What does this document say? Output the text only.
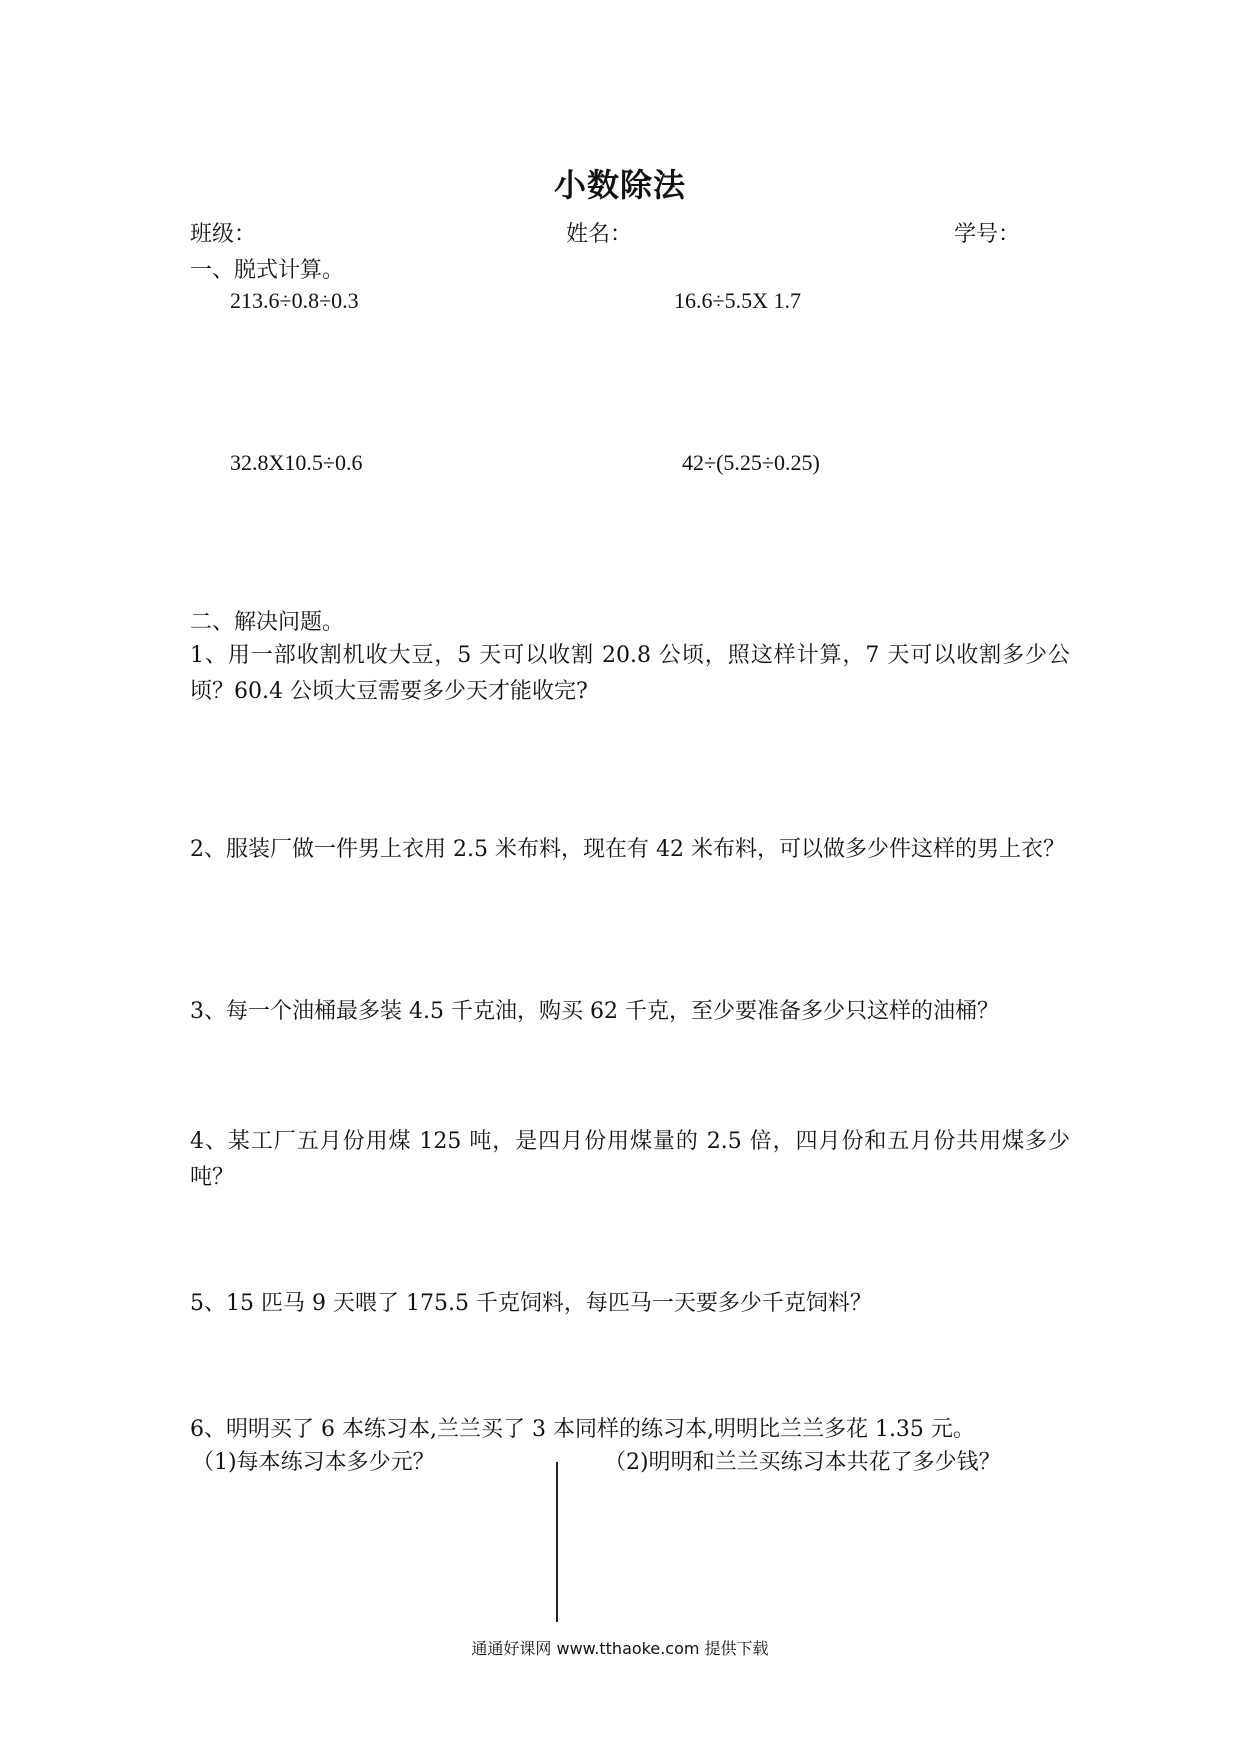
小数除法
班级：	姓名：	学号：
一、脱式计算。
213.6÷0.8÷0.3	16.6÷5.5X 1.7
32.8X10.5÷0.6	42÷(5.25÷0.25)
二、解决问题。
1、用一部收割机收大豆，5 天可以收割 20.8 公顷，照这样计算，7 天可以收割多少公顷？60.4 公顷大豆需要多少天才能收完?
2、服装厂做一件男上衣用 2.5 米布料，现在有 42 米布料，可以做多少件这样的男上衣？
3、每一个油桶最多装 4.5 千克油，购买 62 千克，至少要准备多少只这样的油桶？
4、某工厂五月份用煤 125 吨，是四月份用煤量的 2.5 倍，四月份和五月份共用煤多少吨？
5、15 匹马 9 天喂了 175.5 千克饲料，每匹马一天要多少千克饲料？
6、明明买了 6 本练习本,兰兰买了 3 本同样的练习本,明明比兰兰多花 1.35 元。
（1)每本练习本多少元？	（2)明明和兰兰买练习本共花了多少钱？
通通好课网 www.tthaoke.com 提供下载
